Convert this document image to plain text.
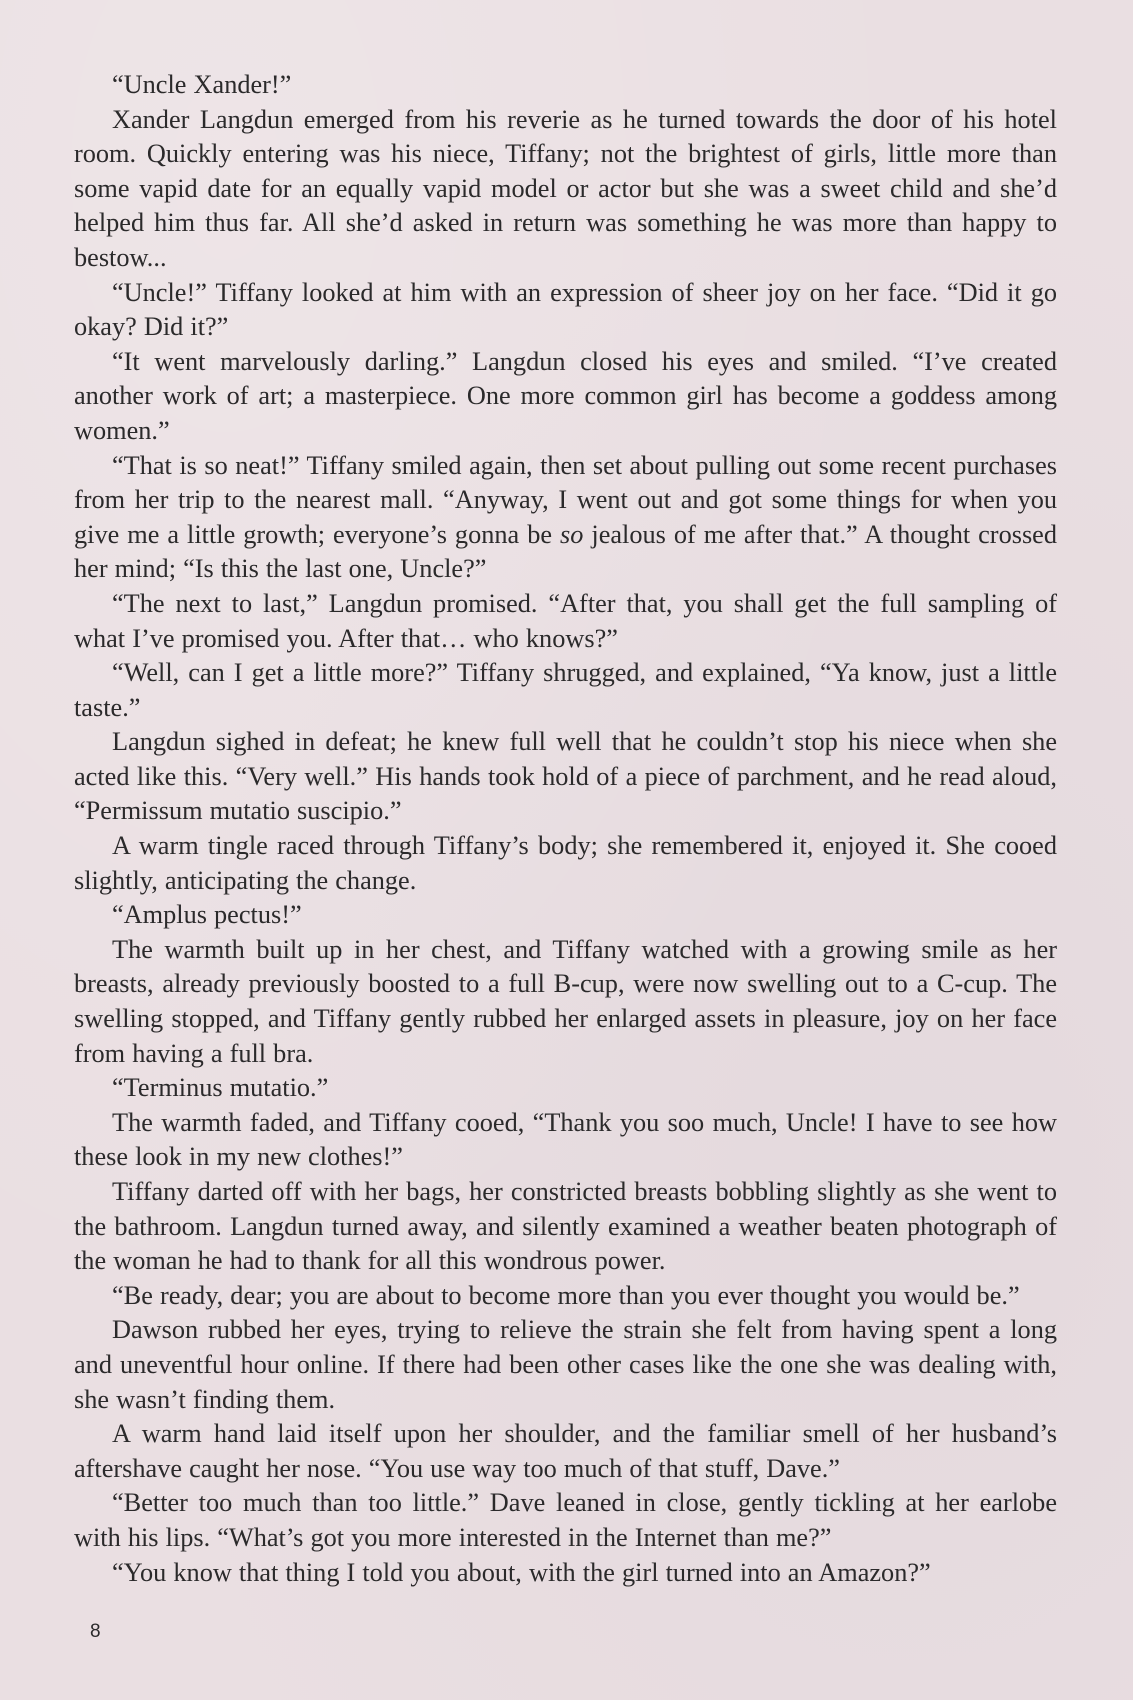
“Uncle Xander!”

Xander Langdun emerged from his reverie as he turned towards the door of his hotel room. Quickly entering was his niece, Tiffany; not the brightest of girls, little more than some vapid date for an equally vapid model or actor but she was a sweet child and she’d helped him thus far. All she’d asked in return was something he was more than happy to bestow...

“Uncle!” Tiffany looked at him with an expression of sheer joy on her face. “Did it go okay? Did it?”

“It went marvelously darling.” Langdun closed his eyes and smiled. “I’ve created another work of art; a masterpiece. One more common girl has become a goddess among women.”

“That is so neat!” Tiffany smiled again, then set about pulling out some recent purchases from her trip to the nearest mall. “Anyway, I went out and got some things for when you give me a little growth; everyone’s gonna be so jealous of me after that.” A thought crossed her mind; “Is this the last one, Uncle?”

“The next to last,” Langdun promised. “After that, you shall get the full sampling of what I’ve promised you. After that… who knows?”

“Well, can I get a little more?” Tiffany shrugged, and explained, “Ya know, just a little taste.”

Langdun sighed in defeat; he knew full well that he couldn’t stop his niece when she acted like this. “Very well.” His hands took hold of a piece of parchment, and he read aloud, “Permissum mutatio suscipio.”

A warm tingle raced through Tiffany’s body; she remembered it, enjoyed it. She cooed slightly, anticipating the change.

“Amplus pectus!”

The warmth built up in her chest, and Tiffany watched with a growing smile as her breasts, already previously boosted to a full B-cup, were now swelling out to a C-cup. The swelling stopped, and Tiffany gently rubbed her enlarged assets in pleasure, joy on her face from having a full bra.

“Terminus mutatio.”

The warmth faded, and Tiffany cooed, “Thank you soo much, Uncle! I have to see how these look in my new clothes!”

Tiffany darted off with her bags, her constricted breasts bobbling slightly as she went to the bathroom. Langdun turned away, and silently examined a weather beaten photograph of the woman he had to thank for all this wondrous power.

“Be ready, dear; you are about to become more than you ever thought you would be.”

Dawson rubbed her eyes, trying to relieve the strain she felt from having spent a long and uneventful hour online. If there had been other cases like the one she was dealing with, she wasn’t finding them.

A warm hand laid itself upon her shoulder, and the familiar smell of her husband’s aftershave caught her nose. “You use way too much of that stuff, Dave.”

“Better too much than too little.” Dave leaned in close, gently tickling at her earlobe with his lips. “What’s got you more interested in the Internet than me?”

“You know that thing I told you about, with the girl turned into an Amazon?”

8
